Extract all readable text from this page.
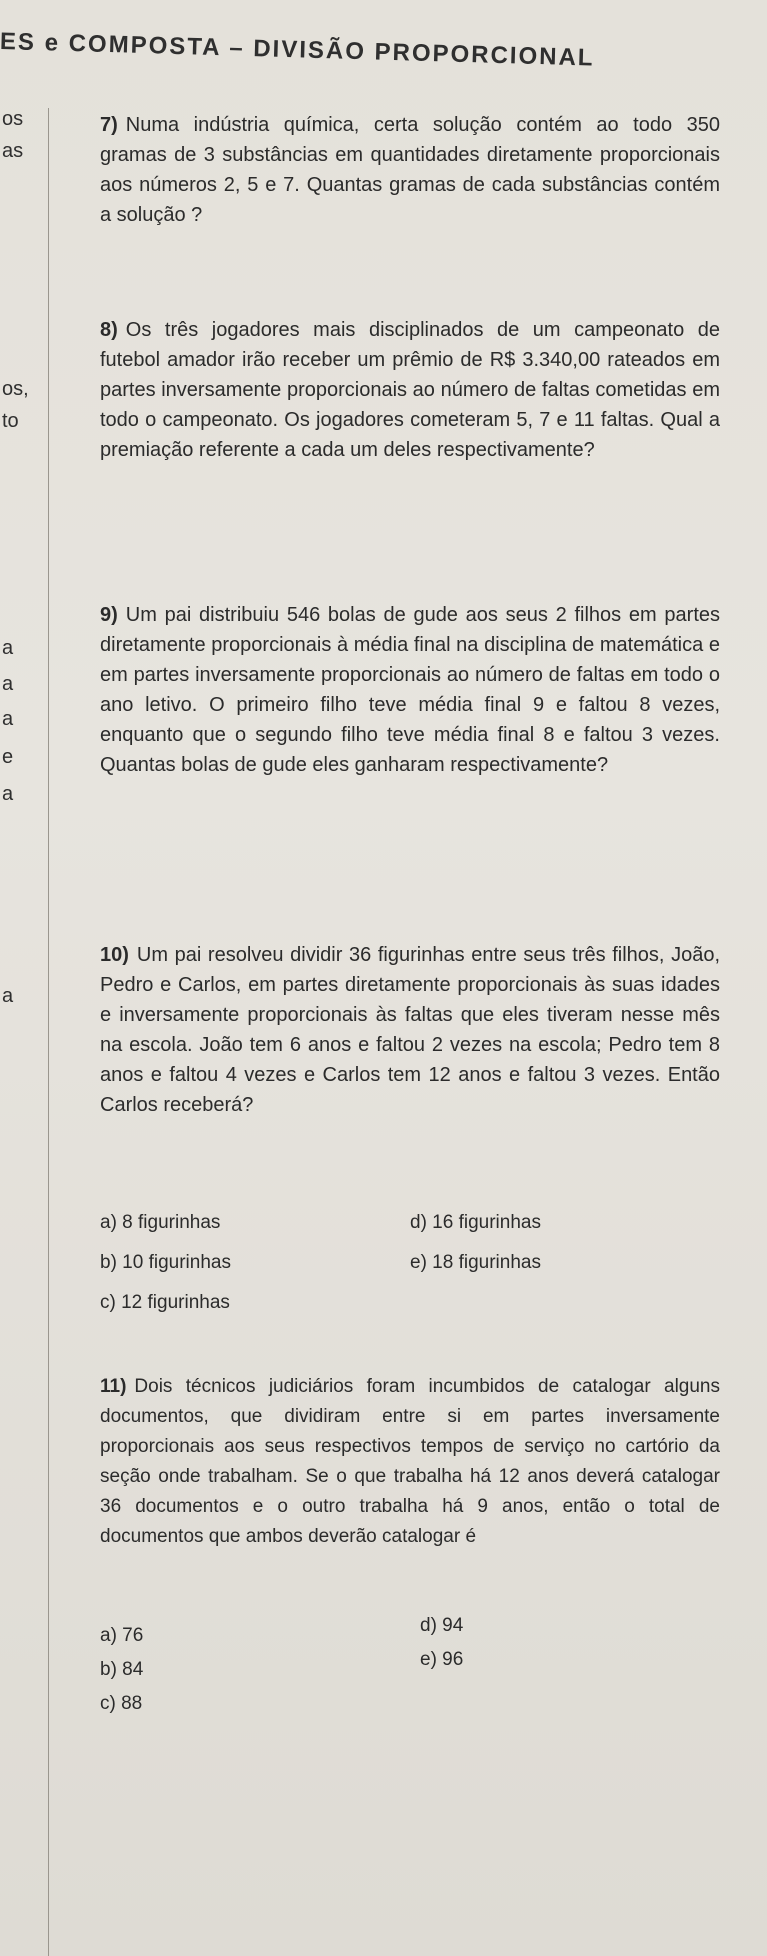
ES e COMPOSTA – DIVISÃO PROPORCIONAL
os
as
os,
to
a
a
a
e
a
a
7) Numa indústria química, certa solução contém ao todo 350 gramas de 3 substâncias em quantidades diretamente proporcionais aos números 2, 5 e 7. Quantas gramas de cada substâncias contém a solução ?
8) Os três jogadores mais disciplinados de um campeonato de futebol amador irão receber um prêmio de R$ 3.340,00 rateados em partes inversamente proporcionais ao número de faltas cometidas em todo o campeonato. Os jogadores cometeram 5, 7 e 11 faltas. Qual a premiação referente a cada um deles respectivamente?
9) Um pai distribuiu 546 bolas de gude aos seus 2 filhos em partes diretamente proporcionais à média final na disciplina de matemática e em partes inversamente proporcionais ao número de faltas em todo o ano letivo. O primeiro filho teve média final 9 e faltou 8 vezes, enquanto que o segundo filho teve média final 8 e faltou 3 vezes. Quantas bolas de gude eles ganharam respectivamente?
10) Um pai resolveu dividir 36 figurinhas entre seus três filhos, João, Pedro e Carlos, em partes diretamente proporcionais às suas idades e inversamente proporcionais às faltas que eles tiveram nesse mês na escola. João tem 6 anos e faltou 2 vezes na escola; Pedro tem 8 anos e faltou 4 vezes e Carlos tem 12 anos e faltou 3 vezes. Então Carlos receberá?
a) 8 figurinhas
b) 10 figurinhas
c) 12 figurinhas
d) 16 figurinhas
e) 18 figurinhas
11) Dois técnicos judiciários foram incumbidos de catalogar alguns documentos, que dividiram entre si em partes inversamente proporcionais aos seus respectivos tempos de serviço no cartório da seção onde trabalham. Se o que trabalha há 12 anos deverá catalogar 36 documentos e o outro trabalha há 9 anos, então o total de documentos que ambos deverão catalogar é
a) 76
b) 84
c) 88
d) 94
e) 96
